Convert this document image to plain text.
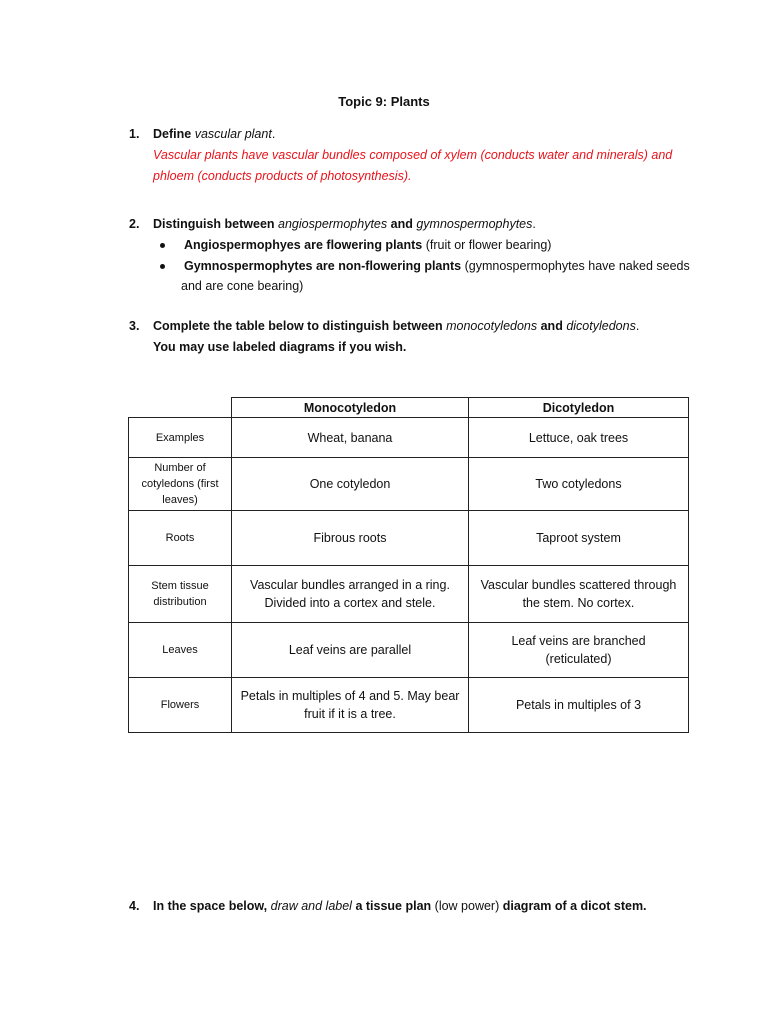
Topic 9: Plants
1. Define vascular plant.
Vascular plants have vascular bundles composed of xylem (conducts water and minerals) and
phloem (conducts products of photosynthesis).
2. Distinguish between angiospermophytes and gymnospermophytes.
Angiospermophyes are flowering plants (fruit or flower bearing)
Gymnospermophytes are non-flowering plants (gymnospermophytes have naked seeds
and are cone bearing)
3. Complete the table below to distinguish between monocotyledons and dicotyledons.
You may use labeled diagrams if you wish.
	Monocotyledon	Dicotyledon
Examples	Wheat, banana	Lettuce, oak trees
Number of cotyledons (first leaves)	One cotyledon	Two cotyledons
Roots	Fibrous roots	Taproot system
Stem tissue distribution	Vascular bundles arranged in a ring. Divided into a cortex and stele.	Vascular bundles scattered through the stem. No cortex.
Leaves	Leaf veins are parallel	Leaf veins are branched (reticulated)
Flowers	Petals in multiples of 4 and 5. May bear fruit if it is a tree.	Petals in multiples of 3
4. In the space below, draw and label a tissue plan (low power) diagram of a dicot stem.
